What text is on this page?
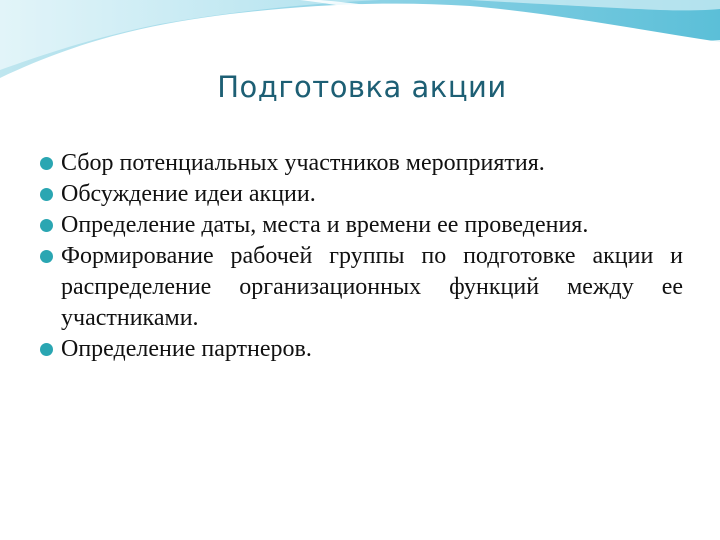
Подготовка акции
Сбор потенциальных участников мероприятия.
Обсуждение идеи акции.
Определение даты, места и времени ее проведения.
Формирование рабочей группы по подготовке акции и распределение организационных функций между ее участниками.
Определение партнеров.
